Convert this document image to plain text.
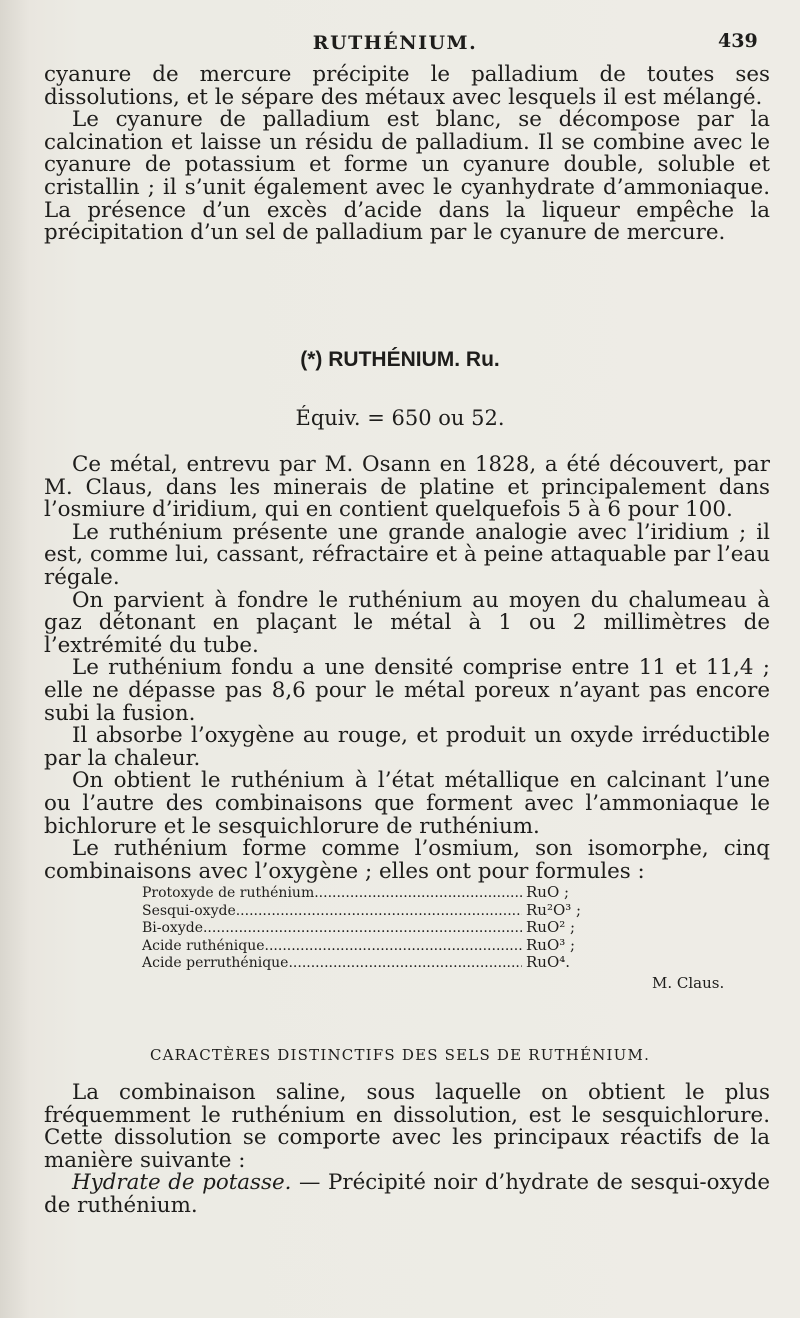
RUTHÉNIUM.	439

cyanure de mercure précipite le palladium de toutes ses dissolutions, et le sépare des métaux avec lesquels il est mélangé.

Le cyanure de palladium est blanc, se décompose par la calcination et laisse un résidu de palladium. Il se combine avec le cyanure de potassium et forme un cyanure double, soluble et cristallin ; il s’unit également avec le cyanhydrate d’ammoniaque. La présence d’un excès d’acide dans la liqueur empêche la précipitation d’un sel de palladium par le cyanure de mercure.

(*) RUTHÉNIUM. Ru.
Équiv. = 650 ou 52.

Ce métal, entrevu par M. Osann en 1828, a été découvert, par M. Claus, dans les minerais de platine et principalement dans l’osmiure d’iridium, qui en contient quelquefois 5 à 6 pour 100.

Le ruthénium présente une grande analogie avec l’iridium ; il est, comme lui, cassant, réfractaire et à peine attaquable par l’eau régale.

On parvient à fondre le ruthénium au moyen du chalumeau à gaz détonant en plaçant le métal à 1 ou 2 millimètres de l’extrémité du tube.

Le ruthénium fondu a une densité comprise entre 11 et 11,4 ; elle ne dépasse pas 8,6 pour le métal poreux n’ayant pas encore subi la fusion.

Il absorbe l’oxygène au rouge, et produit un oxyde irréductible par la chaleur.

On obtient le ruthénium à l’état métallique en calcinant l’une ou l’autre des combinaisons que forment avec l’ammoniaque le bichlorure et le sesquichlorure de ruthénium.

Le ruthénium forme comme l’osmium, son isomorphe, cinq combinaisons avec l’oxygène ; elles ont pour formules :

Protoxyde de ruthénium .....	RuO ;
Sesqui-oxyde .....	Ru²O³ ;
Bi-oxyde .....	RuO² ;
Acide ruthénique .....	RuO³ ;
Acide perruthénique .....	RuO⁴.
M. Claus.
CARACTÈRES DISTINCTIFS DES SELS DE RUTHÉNIUM.

La combinaison saline, sous laquelle on obtient le plus fréquemment le ruthénium en dissolution, est le sesquichlorure. Cette dissolution se comporte avec les principaux réactifs de la manière suivante :

Hydrate de potasse. — Précipité noir d’hydrate de sesqui-oxyde de ruthénium.
